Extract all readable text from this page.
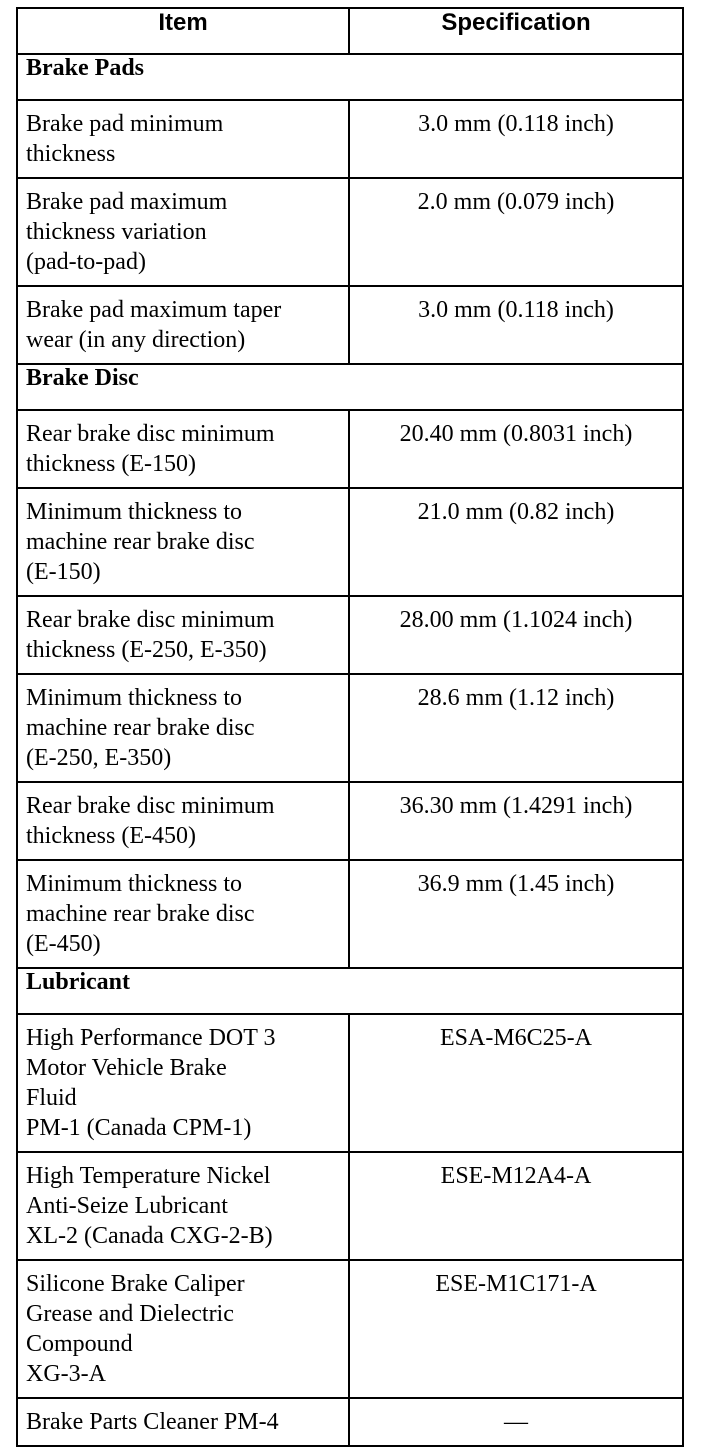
Item	Specification
Brake Pads	
Brake pad minimum
thickness	3.0 mm (0.118 inch)
Brake pad maximum
thickness variation
(pad-to-pad)	2.0 mm (0.079 inch)
Brake pad maximum taper
wear (in any direction)	3.0 mm (0.118 inch)
Brake Disc	
Rear brake disc minimum
thickness (E-150)	20.40 mm (0.8031 inch)
Minimum thickness to
machine rear brake disc
(E-150)	21.0 mm (0.82 inch)
Rear brake disc minimum
thickness (E-250, E-350)	28.00 mm (1.1024 inch)
Minimum thickness to
machine rear brake disc
(E-250, E-350)	28.6 mm (1.12 inch)
Rear brake disc minimum
thickness (E-450)	36.30 mm (1.4291 inch)
Minimum thickness to
machine rear brake disc
(E-450)	36.9 mm (1.45 inch)
Lubricant	
High Performance DOT 3
Motor Vehicle Brake
Fluid
PM-1 (Canada CPM-1)	ESA-M6C25-A
High Temperature Nickel
Anti-Seize Lubricant
XL-2 (Canada CXG-2-B)	ESE-M12A4-A
Silicone Brake Caliper
Grease and Dielectric
Compound
XG-3-A	ESE-M1C171-A
Brake Parts Cleaner PM-4	—
